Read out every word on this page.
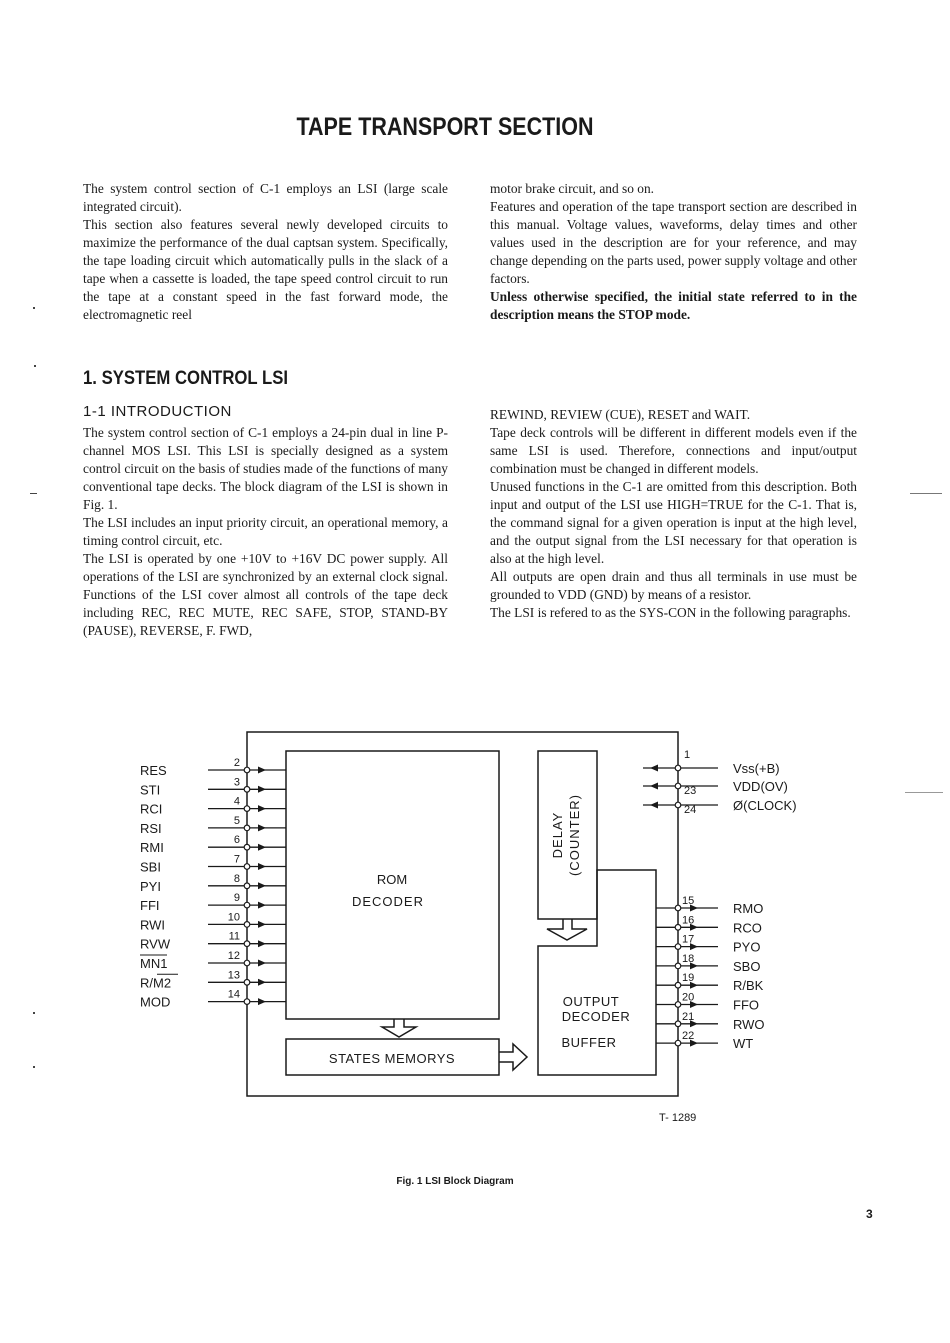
TAPE TRANSPORT SECTION

The system control section of C-1 employs an LSI (large scale integrated circuit).

This section also features several newly developed circuits to maximize the performance of the dual captsan system. Specifically, the tape loading circuit which automatically pulls in the slack of a tape when a cassette is loaded, the tape speed control circuit to run the tape at a constant speed in the fast forward mode, the electromagnetic reel

motor brake circuit, and so on.

Features and operation of the tape transport section are described in this manual. Voltage values, waveforms, delay times and other values used in the description are for your reference, and may change depending on the parts used, power supply voltage and other factors.

Unless otherwise specified, the initial state referred to in the description means the STOP mode.

1. SYSTEM CONTROL LSI
1-1 INTRODUCTION

The system control section of C-1 employs a 24-pin dual in line P-channel MOS LSI. This LSI is specially designed as a system control circuit on the basis of studies made of the functions of many conventional tape decks. The block diagram of the LSI is shown in Fig. 1.

The LSI includes an input priority circuit, an operational memory, a timing control circuit, etc.

The LSI is operated by one +10V to +16V DC power supply. All operations of the LSI are synchronized by an external clock signal. Functions of the LSI cover almost all controls of the tape deck including REC, REC MUTE, REC SAFE, STOP, STAND-BY (PAUSE), REVERSE, F. FWD,

REWIND, REVIEW (CUE), RESET and WAIT.

Tape deck controls will be different in different models even if the same LSI is used. Therefore, connections and input/output combination must be changed in different models.

Unused functions in the C-1 are omitted from this description. Both input and output of the LSI use HIGH=TRUE for the C-1. That is, the command signal for a given operation is input at the high level, and the output signal from the LSI necessary for that operation is also at the high level.

All outputs are open drain and thus all terminals in use must be grounded to VDD (GND) by means of a resistor.

The LSI is refered to as the SYS-CON in the following paragraphs.

RES	2
STI	3
RCI	4
RSI	5
RMI	6
SBI	7
PYI	8
FFI	9
RWI	10
RVW	11
MN1	12
R/M2	13
MOD	14
1
Vss(+B)
23	VDD(OV)
24	Ø(CLOCK)
15	RMO
16	RCO
17	PYO
18	SBO
19	R/BK
20	FFO
21
RWO
22	WT
ROM
DECODER
DELAY (COUNTER)
OUTPUT
DECODER
BUFFER
STATES MEMORYS
T- 1289
Fig. 1 LSI Block Diagram
3
